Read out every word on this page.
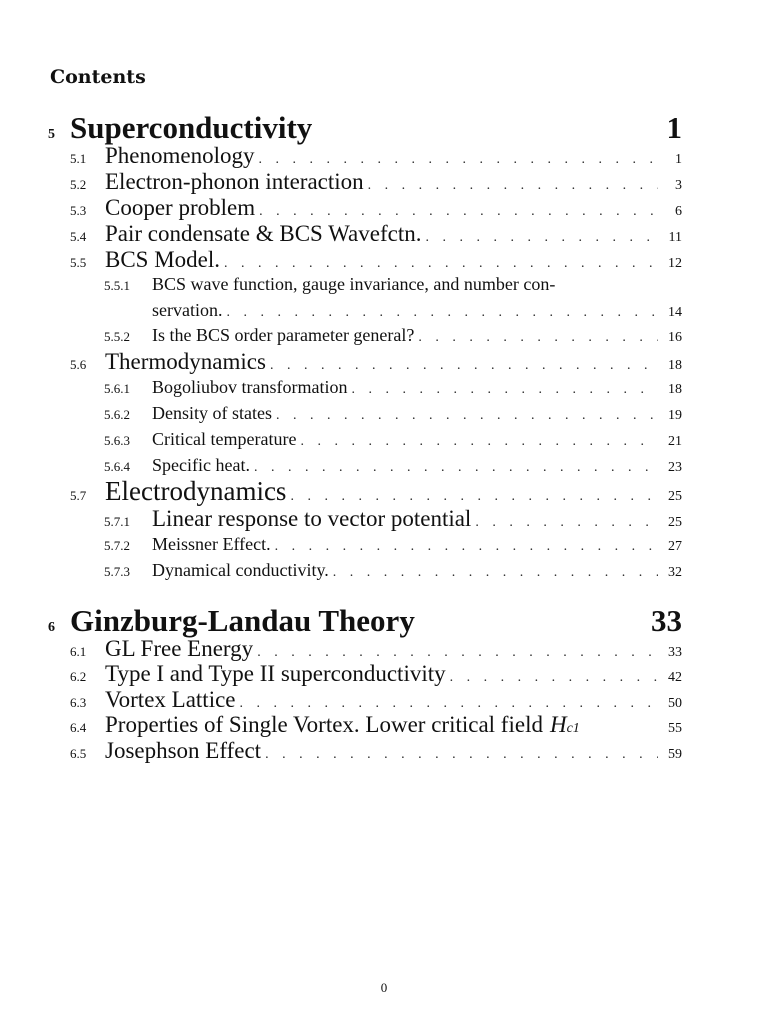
Contents
5 Superconductivity	1
5.1 Phenomenology . . .	1
5.2 Electron-phonon interaction . . .	3
5.3 Cooper problem . . .	6
5.4 Pair condensate & BCS Wavefctn. . . .	11
5.5 BCS Model. . . .	12
5.5.1	BCS wave function, gauge invariance, and number con-
servation. . . .	14
5.5.2	Is the BCS order parameter general? . . .	16
5.6 Thermodynamics . . .	18
5.6.1	Bogoliubov transformation . . .	18
5.6.2	Density of states . . .	19
5.6.3	Critical temperature . . .	21
5.6.4	Specific heat. . . .	23
5.7 Electrodynamics . . .	25
5.7.1 Linear response to vector potential . . .	25
5.7.2	Meissner Effect. . . .	27
5.7.3	Dynamical conductivity. . . .	32
6 Ginzburg-Landau Theory	33
6.1 GL Free Energy . . .	33
6.2 Type I and Type II superconductivity . . .	42
6.3 Vortex Lattice . . .	50
6.4 Properties of Single Vortex. Lower critical field H c1	55
6.5 Josephson Effect . . .	59
0
